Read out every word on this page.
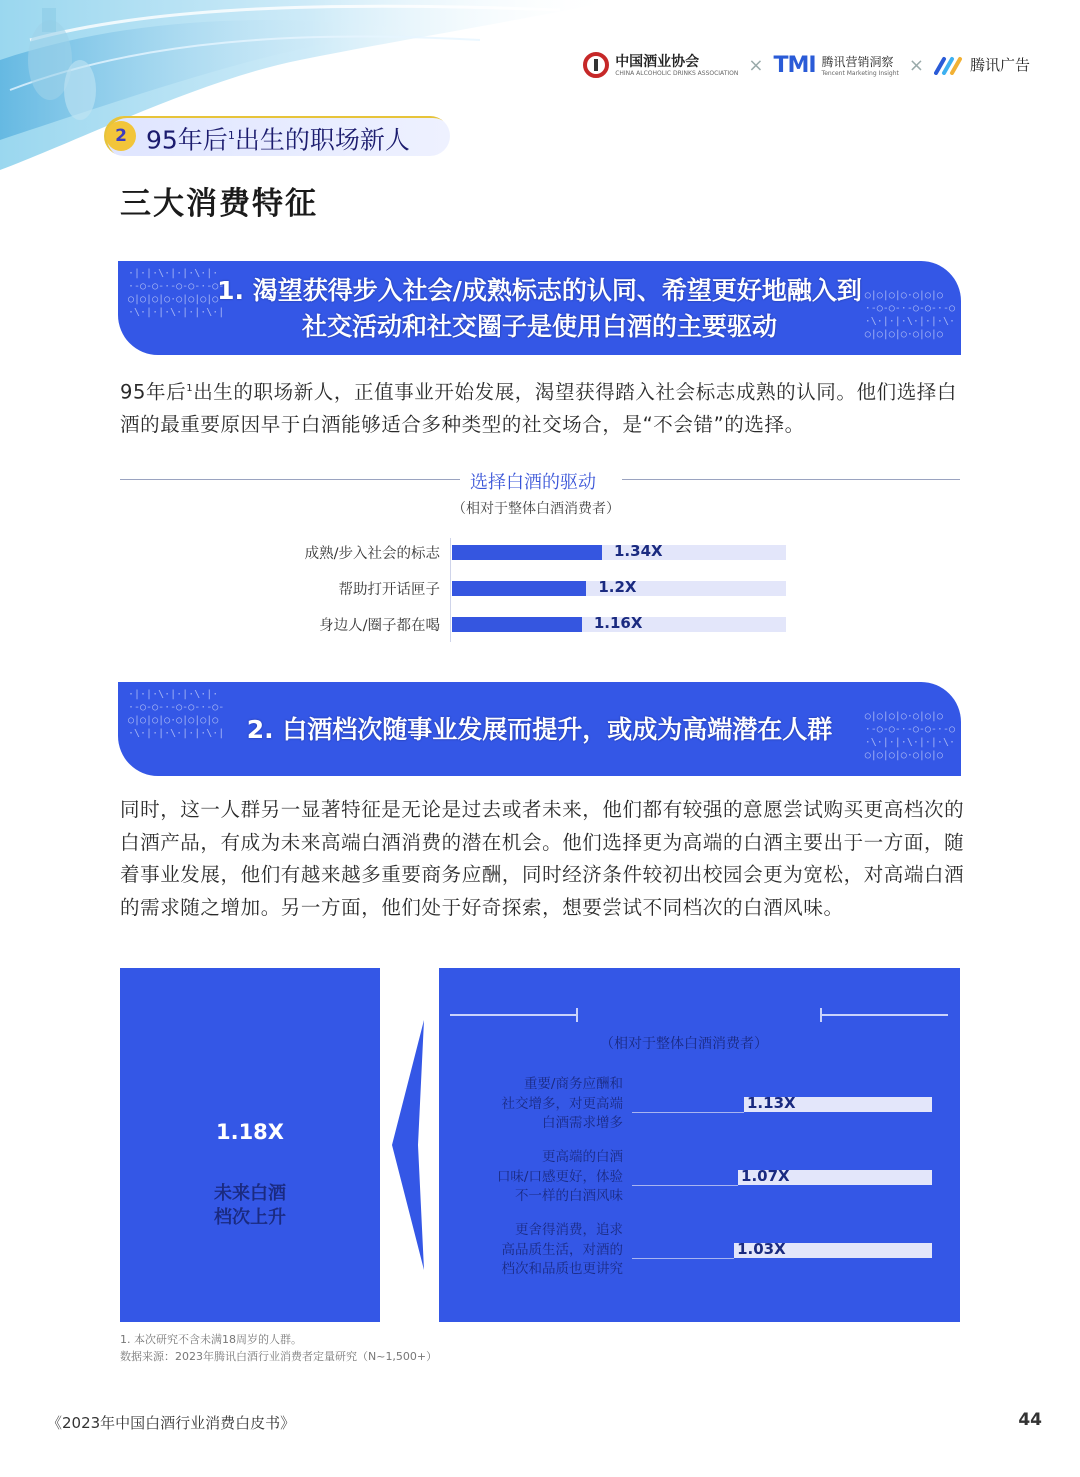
中国酒业协会
CHINA ALCOHOLIC DRINKS ASSOCIATION × TMI 腾讯营销洞察
Tencent Marketing Insight ×	腾讯广告
2 95年后$^1$出生的职场新人
三大消费特征
·|·|·\·|·|·\·|·
·-○-○-·-○-○-·-○-
○|○|○|○·○|○|○|○
·\·|·|·\·|·|·\·|
○|○|○|○·○|○|○
·-○-○-·-○-○-·-○
·\·|·|·\·|·|·\·
○|○|○|○·○|○|○
1. 渴望获得步入社会/成熟标志的认同、希望更好地融入到
社交活动和社交圈子是使用白酒的主要驱动
95年后$^1$出生的职场新人，正值事业开始发展，渴望获得踏入社会标志成熟的认同。他们选择白酒的最重要原因早于白酒能够适合多种类型的社交场合，是“不会错”的选择。
选择白酒的驱动
（相对于整体白酒消费者）
·|·|·\·|·|·\·|·
·-○-○-·-○-○-·-○-
○|○|○|○·○|○|○|○
·\·|·|·\·|·|·\·|
○|○|○|○·○|○|○
·-○-○-·-○-○-·-○
·\·|·|·\·|·|·\·
○|○|○|○·○|○|○
2. 白酒档次随事业发展而提升，或成为高端潜在人群
同时，这一人群另一显著特征是无论是过去或者未来，他们都有较强的意愿尝试购买更高档次的白酒产品，有成为未来高端白酒消费的潜在机会。他们选择更为高端的白酒主要出于一方面，随着事业发展，他们有越来越多重要商务应酬，同时经济条件较初出校园会更为宽松，对高端白酒的需求随之增加。另一方面，他们处于好奇探索，想要尝试不同档次的白酒风味。
1.18X
未来白酒
档次上升
（相对于整体白酒消费者）
1. 本次研究不含未满18周岁的人群。
数据来源：2023年腾讯白酒行业消费者定量研究（N~1,500+）
《2023年中国白酒行业消费白皮书》	44
成熟/步入社会的标志	1.34X
帮助打开话匣子	1.2X
身边人/圈子都在喝	1.16X
重要/商务应酬和
社交增多，对更高端
白酒需求增多
1.13X
更高端的白酒
口味/口感更好，体验
不一样的白酒风味
1.07X
更舍得消费，追求
高品质生活，对酒的
档次和品质也更讲究
1.03X
